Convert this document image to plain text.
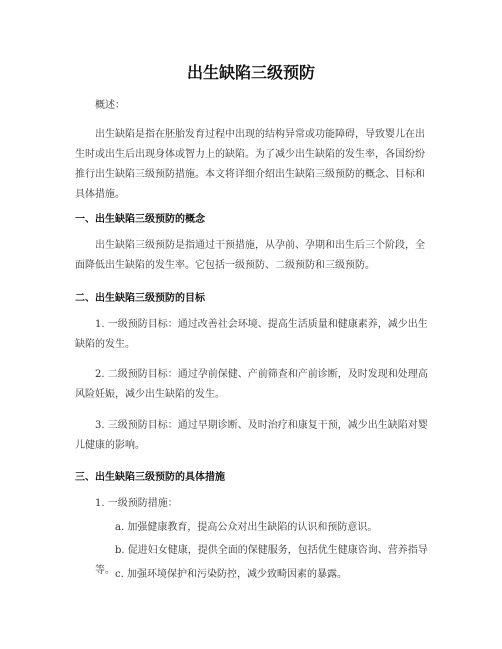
出生缺陷三级预防

概述：

出生缺陷是指在胚胎发育过程中出现的结构异常或功能障碍，导致婴儿在出生时或出生后出现身体或智力上的缺陷。为了减少出生缺陷的发生率，各国纷纷推行出生缺陷三级预防措施。本文将详细介绍出生缺陷三级预防的概念、目标和具体措施。

一、出生缺陷三级预防的概念

出生缺陷三级预防是指通过干预措施，从孕前、孕期和出生后三个阶段，全面降低出生缺陷的发生率。它包括一级预防、二级预防和三级预防。

二、出生缺陷三级预防的目标

1. 一级预防目标：通过改善社会环境、提高生活质量和健康素养，减少出生缺陷的发生。

2. 二级预防目标：通过孕前保健、产前筛查和产前诊断，及时发现和处理高风险妊娠，减少出生缺陷的发生。

3. 三级预防目标：通过早期诊断、及时治疗和康复干预，减少出生缺陷对婴儿健康的影响。

三、出生缺陷三级预防的具体措施

1. 一级预防措施：

a. 加强健康教育，提高公众对出生缺陷的认识和预防意识。

b. 促进妇女健康，提供全面的保健服务，包括优生健康咨询、营养指导等。 c. 加强环境保护和污染防控，减少致畸因素的暴露。
